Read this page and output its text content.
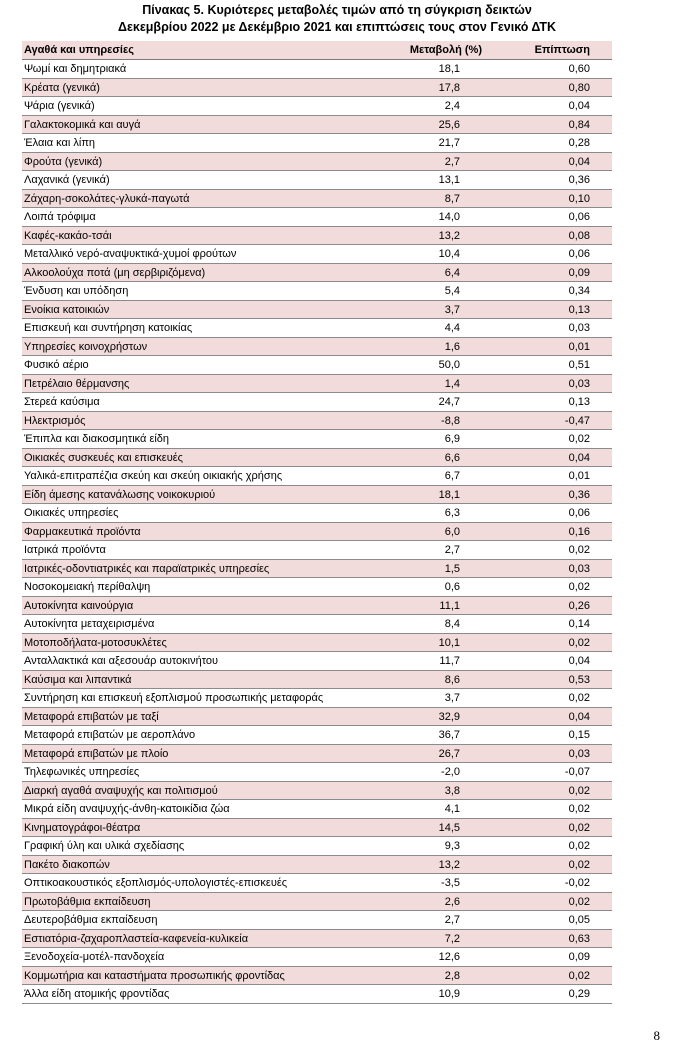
Πίνακας 5. Κυριότερες μεταβολές τιμών από τη σύγκριση δεικτών
Δεκεμβρίου 2022 με Δεκέμβριο 2021 και επιπτώσεις τους στον Γενικό ΔΤΚ
Αγαθά και υπηρεσίες	Μεταβολή (%)	Επίπτωση
Ψωμί και δημητριακά	18,1	0,60
Κρέατα (γενικά)	17,8	0,80
Ψάρια (γενικά)	2,4	0,04
Γαλακτοκομικά και αυγά	25,6	0,84
Έλαια και λίπη	21,7	0,28
Φρούτα (γενικά)	2,7	0,04
Λαχανικά (γενικά)	13,1	0,36
Ζάχαρη-σοκολάτες-γλυκά-παγωτά	8,7	0,10
Λοιπά τρόφιμα	14,0	0,06
Καφές-κακάο-τσάι	13,2	0,08
Μεταλλικό νερό-αναψυκτικά-χυμοί φρούτων	10,4	0,06
Αλκοολούχα ποτά (μη σερβιριζόμενα)	6,4	0,09
Ένδυση και υπόδηση	5,4	0,34
Ενοίκια κατοικιών	3,7	0,13
Επισκευή και συντήρηση κατοικίας	4,4	0,03
Υπηρεσίες κοινοχρήστων	1,6	0,01
Φυσικό αέριο	50,0	0,51
Πετρέλαιο θέρμανσης	1,4	0,03
Στερεά καύσιμα	24,7	0,13
Ηλεκτρισμός	-8,8	-0,47
Έπιπλα και διακοσμητικά είδη	6,9	0,02
Οικιακές συσκευές και επισκευές	6,6	0,04
Υαλικά-επιτραπέζια σκεύη και σκεύη οικιακής χρήσης	6,7	0,01
Είδη άμεσης κατανάλωσης νοικοκυριού	18,1	0,36
Οικιακές υπηρεσίες	6,3	0,06
Φαρμακευτικά προϊόντα	6,0	0,16
Ιατρικά προϊόντα	2,7	0,02
Ιατρικές-οδοντιατρικές και παραϊατρικές υπηρεσίες	1,5	0,03
Νοσοκομειακή περίθαλψη	0,6	0,02
Αυτοκίνητα καινούργια	11,1	0,26
Αυτοκίνητα μεταχειρισμένα	8,4	0,14
Μοτοποδήλατα-μοτοσυκλέτες	10,1	0,02
Ανταλλακτικά και αξεσουάρ αυτοκινήτου	11,7	0,04
Καύσιμα και λιπαντικά	8,6	0,53
Συντήρηση και επισκευή εξοπλισμού προσωπικής μεταφοράς	3,7	0,02
Μεταφορά επιβατών με ταξί	32,9	0,04
Μεταφορά επιβατών με αεροπλάνο	36,7	0,15
Μεταφορά επιβατών με πλοίο	26,7	0,03
Τηλεφωνικές υπηρεσίες	-2,0	-0,07
Διαρκή αγαθά αναψυχής και πολιτισμού	3,8	0,02
Μικρά είδη αναψυχής-άνθη-κατοικίδια ζώα	4,1	0,02
Κινηματογράφοι-θέατρα	14,5	0,02
Γραφική ύλη και υλικά σχεδίασης	9,3	0,02
Πακέτο διακοπών	13,2	0,02
Οπτικοακουστικός εξοπλισμός-υπολογιστές-επισκευές	-3,5	-0,02
Πρωτοβάθμια εκπαίδευση	2,6	0,02
Δευτεροβάθμια εκπαίδευση	2,7	0,05
Εστιατόρια-ζαχαροπλαστεία-καφενεία-κυλικεία	7,2	0,63
Ξενοδοχεία-μοτέλ-πανδοχεία	12,6	0,09
Κομμωτήρια και καταστήματα προσωπικής φροντίδας	2,8	0,02
Άλλα είδη ατομικής φροντίδας	10,9	0,29
8
